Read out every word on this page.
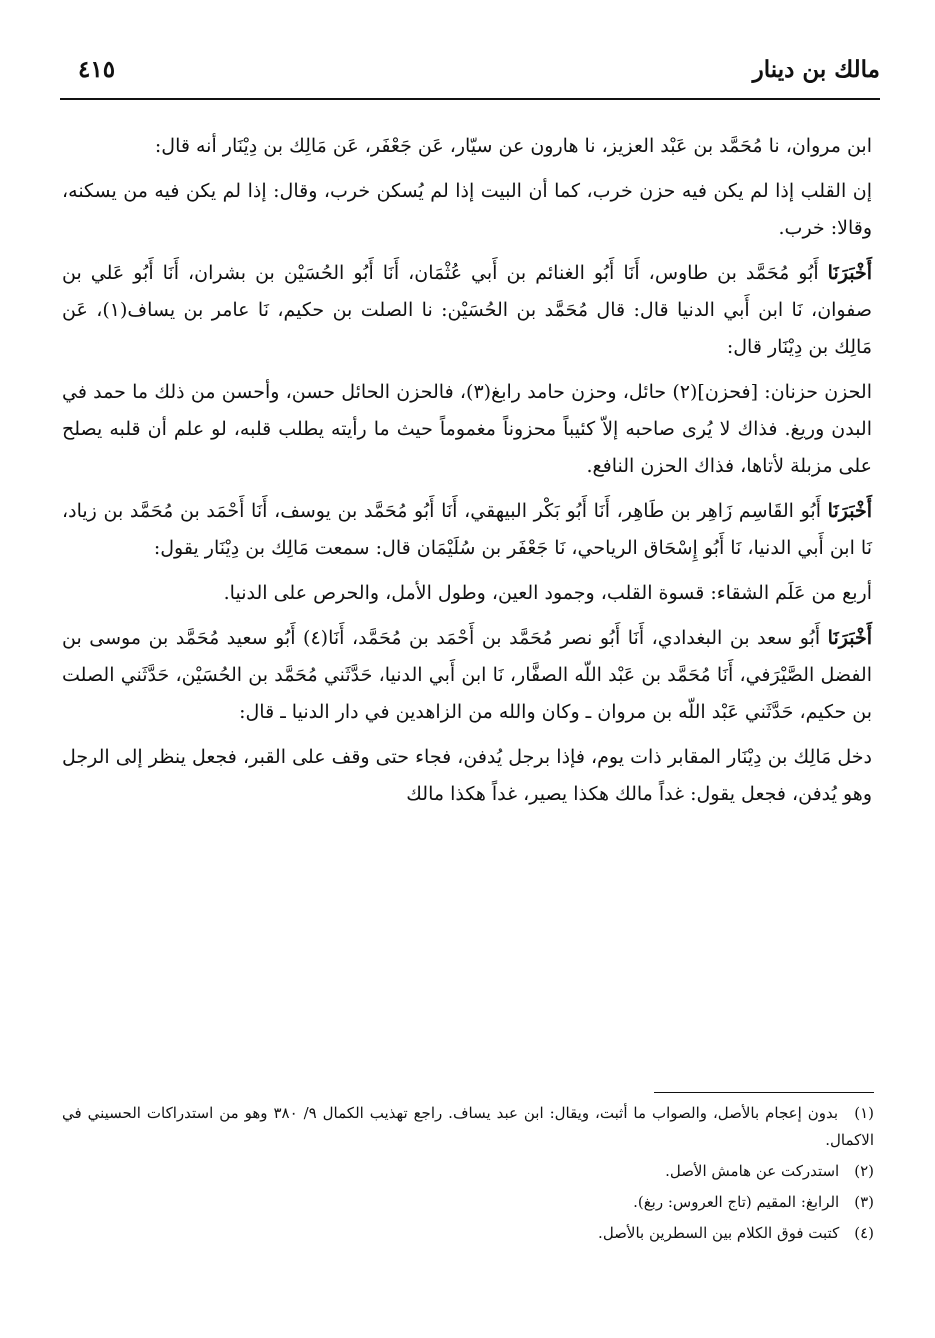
٤١٥	مالك بن دينار

ابن مروان، نا مُحَمَّد بن عَبْد العزيز، نا هارون عن سيّار، عَن جَعْفَر، عَن مَالِك بن دِيْنَار أنه قال:

إن القلب إذا لم يكن فيه حزن خرب، كما أن البيت إذا لم يُسكن خرب، وقال: إذا لم يكن فيه من يسكنه، وقالا: خرب.

أَخْبَرَنَا أَبُو مُحَمَّد بن طاوس، أَنَا أَبُو الغنائم بن أَبي عُثْمَان، أَنَا أَبُو الحُسَيْن بن بشران، أَنَا أَبُو عَلي بن صفوان، نَا ابن أَبي الدنيا قال: قال مُحَمَّد بن الحُسَيْن: نا الصلت بن حكيم، نَا عامر بن يساف(١)، عَن مَالِك بن دِيْنَار قال:

الحزن حزنان: [فحزن](٢) حائل، وحزن حامد رابغ(٣)، فالحزن الحائل حسن، وأحسن من ذلك ما حمد في البدن وريغ. فذاك لا يُرى صاحبه إلاّ كئيباً محزوناً مغموماً حيث ما رأيته يطلب قلبه، لو علم أن قلبه يصلح على مزبلة لأتاها، فذاك الحزن النافع.

أَخْبَرَنَا أَبُو القَاسِم زَاهِر بن طَاهِر، أَنَا أَبُو بَكْر البيهقي، أَنَا أَبُو مُحَمَّد بن يوسف، أَنَا أَحْمَد بن مُحَمَّد بن زياد، نَا ابن أَبي الدنيا، نَا أَبُو إِسْحَاق الرياحي، نَا جَعْفَر بن سُلَيْمَان قال: سمعت مَالِك بن دِيْنَار يقول:

أربع من عَلَم الشقاء: قسوة القلب، وجمود العين، وطول الأمل، والحرص على الدنيا.

أَخْبَرَنَا أَبُو سعد بن البغدادي، أَنَا أَبُو نصر مُحَمَّد بن أَحْمَد بن مُحَمَّد، أَنَا(٤) أَبُو سعيد مُحَمَّد بن موسى بن الفضل الصَّيْرَفي، أَنَا مُحَمَّد بن عَبْد اللّه الصفَّار، نَا ابن أَبي الدنيا، حَدَّثَني مُحَمَّد بن الحُسَيْن، حَدَّثَني الصلت بن حكيم، حَدَّثَني عَبْد اللّه بن مروان ـ وكان والله من الزاهدين في دار الدنيا ـ قال:

دخل مَالِك بن دِيْنَار المقابر ذات يوم، فإذا برجل يُدفن، فجاء حتى وقف على القبر، فجعل ينظر إلى الرجل وهو يُدفن، فجعل يقول: غداً مالك هكذا يصير، غداً هكذا مالك

(١) بدون إعجام بالأصل، والصواب ما أثبت، ويقال: ابن عبد يساف. راجع تهذيب الكمال ٩/ ٣٨٠ وهو من استدراكات الحسيني في الاكمال.

(٢) استدركت عن هامش الأصل.

(٣) الرابغ: المقيم (تاج العروس: ربغ).

(٤) كتبت فوق الكلام بين السطرين بالأصل.
